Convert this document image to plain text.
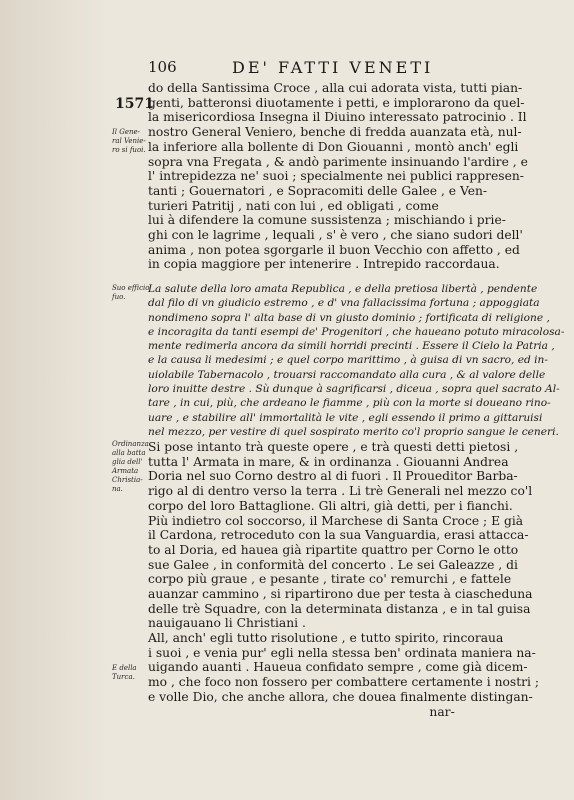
106	DE' FATTI VENETI
1571
Il Gene-
ral Venie-
ro si fuoi.
Suo efficio
fuo.
Ordinanza
alla batta
glia dell'
Armata
Christia-
na.
E della
Turca.
do della Santissima Croce , alla cui adorata vista, tutti pian-
genti, batteronsi diuotamente i petti, e implorarono da quel-
la misericordiosa Insegna il Diuino interessato patrocinio . Il
nostro General Veniero, benche di fredda auanzata età, nul-
la inferiore alla bollente di Don Giouanni , montò anch' egli
sopra vna Fregata , & andò parimente insinuando l'ardire , e
l' intrepidezza ne' suoi ; specialmente nei publici rappresen-
tanti ; Gouernatori , e Sopracomiti delle Galee , e Ven-
turieri Patritij , nati con lui , ed obligati , come
lui à difendere la comune sussistenza ; mischiando i prie-
ghi con le lagrime , lequali , s' è vero , che siano sudori dell'
anima , non potea sgorgarle il buon Vecchio con affetto , ed
in copia maggiore per intenerire . Intrepido raccordaua.
La salute della loro amata Republica , e della pretiosa libertà , pendente
dal filo di vn giudicio estremo , e d' vna fallacissima fortuna ; appoggiata
nondimeno sopra l' alta base di vn giusto dominio ; fortificata di religione ,
e incoragita da tanti esempi de' Progenitori , che haueano potuto miracolosa-
mente redimerla ancora da simili horridi precinti . Essere il Cielo la Patria ,
e la causa li medesimi ; e quel corpo marittimo , à guisa di vn sacro, ed in-
uiolabile Tabernacolo , trouarsi raccomandato alla cura , & al valore delle
loro inuitte destre . Sù dunque à sagrificarsi , diceua , sopra quel sacrato Al-
tare , in cui, più, che ardeano le fiamme , più con la morte si doueano rino-
uare , e stabilire all' immortalità le vite , egli essendo il primo a gittaruisi
nel mezzo, per vestire di quel sospirato merito co'l proprio sangue le ceneri.
Si pose intanto trà queste opere , e trà questi detti pietosi ,
tutta l' Armata in mare, & in ordinanza . Giouanni Andrea
Doria nel suo Corno destro al di fuori . Il Proueditor Barba-
rigo al di dentro verso la terra . Li trè Generali nel mezzo co'l
corpo del loro Battaglione. Gli altri, già detti, per i fianchi.
Più indietro col soccorso, il Marchese di Santa Croce ; E già
il Cardona, retroceduto con la sua Vanguardia, erasi attacca-
to al Doria, ed hauea già ripartite quattro per Corno le otto
sue Galee , in conformità del concerto . Le sei Galeazze , di
corpo più graue , e pesante , tirate co' remurchi , e fattele
auanzar cammino , si ripartirono due per testa à ciascheduna
delle trè Squadre, con la determinata distanza , e in tal guisa
nauigauano li Christiani .
All, anch' egli tutto risolutione , e tutto spirito, rincoraua
i suoi , e venia pur' egli nella stessa ben' ordinata maniera na-
uigando auanti . Haueua confidato sempre , come già dicem-
mo , che foco non fossero per combattere certamente i nostri ;
e volle Dio, che anche allora, che douea finalmente distingan-
nar-
